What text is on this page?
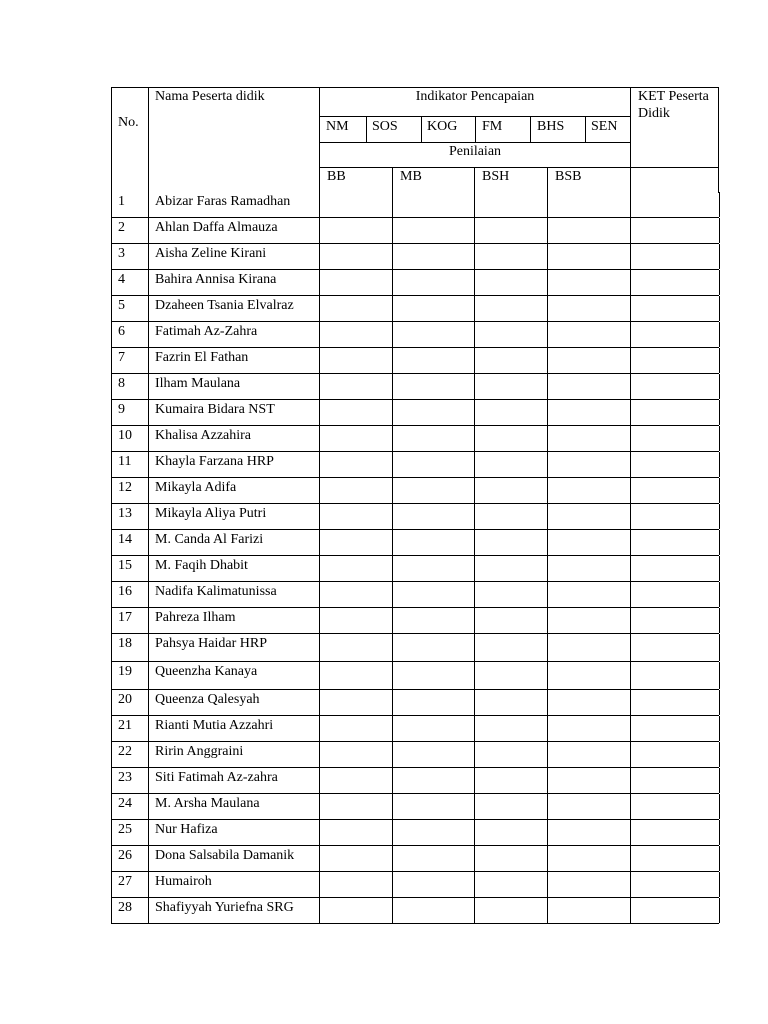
No.
Nama Peserta didik	Indikator Pencapaian	KET Peserta Didik
NM SOS KOG FM BHS SEN
Penilaian
BB	MB	BSH	BSB
1 Abizar Faras Ramadhan
2 Ahlan Daffa Almauza
3 Aisha Zeline Kirani
4 Bahira Annisa Kirana
5 Dzaheen Tsania Elvalraz
6 Fatimah Az-Zahra
7 Fazrin El Fathan
8 Ilham Maulana
9 Kumaira Bidara NST
10 Khalisa Azzahira
11 Khayla Farzana HRP
12 Mikayla Adifa
13 Mikayla Aliya Putri
14 M. Canda Al Farizi
15 M. Faqih Dhabit
16 Nadifa Kalimatunissa
17 Pahreza Ilham
18 Pahsya Haidar HRP
19 Queenzha Kanaya
20 Queenza Qalesyah
21 Rianti Mutia Azzahri
22 Ririn Anggraini
23 Siti Fatimah Az-zahra
24 M. Arsha Maulana
25 Nur Hafiza
26 Dona Salsabila Damanik
27 Humairoh
28 Shafiyyah Yuriefna SRG
